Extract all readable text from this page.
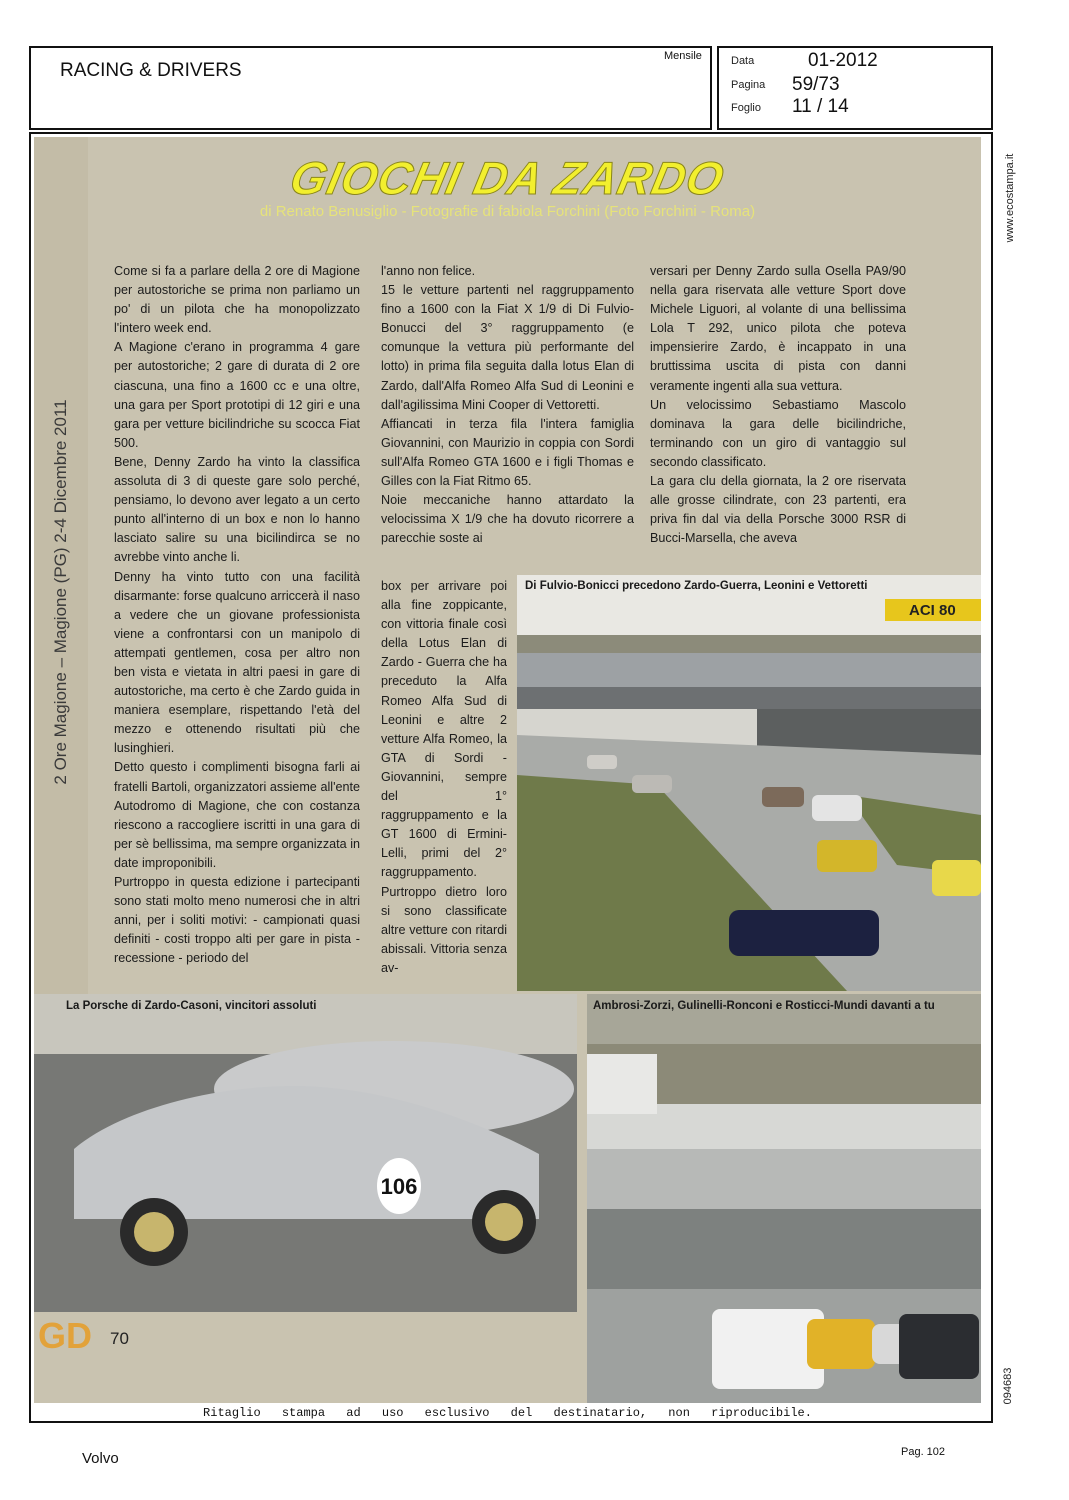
RACING & DRIVERS
Mensile	Data	01-2012
Pagina 59/73
Foglio 11 / 14
www.ecostampa.it
094683
2 Ore Magione – Magione (PG) 2-4 Dicembre 2011
GIOCHI DA ZARDO
di Renato Benusiglio - Fotografie di fabiola Forchini (Foto Forchini - Roma)

Come si fa a parlare della 2 ore di Magione per autostoriche se prima non parliamo un po' di un pilota che ha monopolizzato l'intero week end.

A Magione c'erano in programma 4 gare per autostoriche; 2 gare di durata di 2 ore ciascuna, una fino a 1600 cc e una oltre, una gara per Sport prototipi di 12 giri e una gara per vetture bicilindriche su scocca Fiat 500.

Bene, Denny Zardo ha vinto la classifica assoluta di 3 di queste gare solo perché, pensiamo, lo devono aver legato a un certo punto all'interno di un box e non lo hanno lasciato salire su una bicilindirca se no avrebbe vinto anche li.

Denny ha vinto tutto con una facilità disarmante: forse qualcuno arriccerà il naso a vedere che un giovane professionista viene a confrontarsi con un manipolo di attempati gentlemen, cosa per altro non ben vista e vietata in altri paesi in gare di autostoriche, ma certo è che Zardo guida in maniera esemplare, rispettando l'età del mezzo e ottenendo risultati più che lusinghieri.

Detto questo i complimenti bisogna farli ai fratelli Bartoli, organizzatori assieme all'ente Autodromo di Magione, che con costanza riescono a raccogliere iscritti in una gara di per sè bellissima, ma sempre organizzata in date improponibili.

Purtroppo in questa edizione i partecipanti sono stati molto meno numerosi che in altri anni, per i soliti motivi: - campionati quasi definiti - costi troppo alti per gare in pista - recessione - periodo del

l'anno non felice.

15 le vetture partenti nel raggruppamento fino a 1600 con la Fiat X 1/9 di Di Fulvio-Bonucci del 3° raggruppamento (e comunque la vettura più performante del lotto) in prima fila seguita dalla lotus Elan di Zardo, dall'Alfa Romeo Alfa Sud di Leonini e dall'agilissima Mini Cooper di Vettoretti.

Affiancati in terza fila l'intera famiglia Giovannini, con Maurizio in coppia con Sordi sull'Alfa Romeo GTA 1600 e i figli Thomas e Gilles con la Fiat Ritmo 65.

Noie meccaniche hanno attardato la velocissima X 1/9 che ha dovuto ricorrere a parecchie soste ai

box per arrivare poi alla fine zoppicante, con vittoria finale così della Lotus Elan di Zardo - Guerra che ha preceduto la Alfa Romeo Alfa Sud di Leonini e altre 2 vetture Alfa Romeo, la GTA di Sordi - Giovannini, sempre del 1° raggruppamento e la GT 1600 di Ermini-Lelli, primi del 2° raggruppamento. Purtroppo dietro loro si sono classificate altre vetture con ritardi abissali. Vittoria senza av-

versari per Denny Zardo sulla Osella PA9/90 nella gara riservata alle vetture Sport dove Michele Liguori, al volante di una bellissima Lola T 292, unico pilota che poteva impensierire Zardo, è incappato in una bruttissima uscita di pista con danni veramente ingenti alla sua vettura.

Un velocissimo Sebastiamo Mascolo dominava la gara delle bicilindriche, terminando con un giro di vantaggio sul secondo classificato.

La gara clu della giornata, la 2 ore riservata alle grosse cilindrate, con 23 partenti, era priva fin dal via della Porsche 3000 RSR di Bucci-Marsella, che aveva

ACI 80
Di Fulvio-Bonicci precedono Zardo-Guerra, Leonini e Vettoretti
106
La Porsche di Zardo-Casoni, vincitori assoluti
GD	70
Ambrosi-Zorzi, Gulinelli-Ronconi e Rosticci-Mundi davanti a tu
Ritaglio stampa ad uso esclusivo del destinatario, non riproducibile.
Volvo	Pag. 102
